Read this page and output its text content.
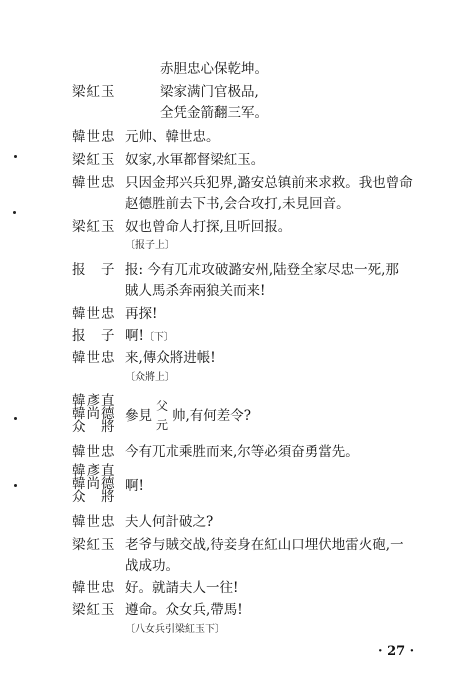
赤胆忠心保乾坤。
梁紅玉	梁家满门官极品,
全凭金箭翻三军。
韓世忠 元帅、韓世忠。
梁紅玉 奴家,水軍都督梁紅玉。
韓世忠 只因金邦兴兵犯界,潞安总镇前来求救。我也曾命
赵德胜前去下书,会合攻打,未見回音。
梁紅玉 奴也曾命人打探,且听回报。
〔报子上〕
报　子 报: 今有兀朮攻破潞安州,陆登全家尽忠一死,那
賊人馬杀奔兩狼关而来!
韓世忠 再探!
报　子 啊!〔下〕
韓世忠 来,傳众將进帳!
〔众將上〕
韓彥直
韓尚德
众　將
參見
父
元
帅,有何差令?
韓世忠 今有兀朮乘胜而来,尔等必須奋勇當先。
韓彥直
韓尚德
众　將
啊!
韓世忠 夫人何計破之?
梁紅玉 老爷与賊交战,待妾身在紅山口埋伏地雷火砲,一
战成功。
韓世忠 好。就請夫人一往!
梁紅玉 遵命。众女兵,帶馬!
〔八女兵引梁紅玉下〕
· 27 ·
